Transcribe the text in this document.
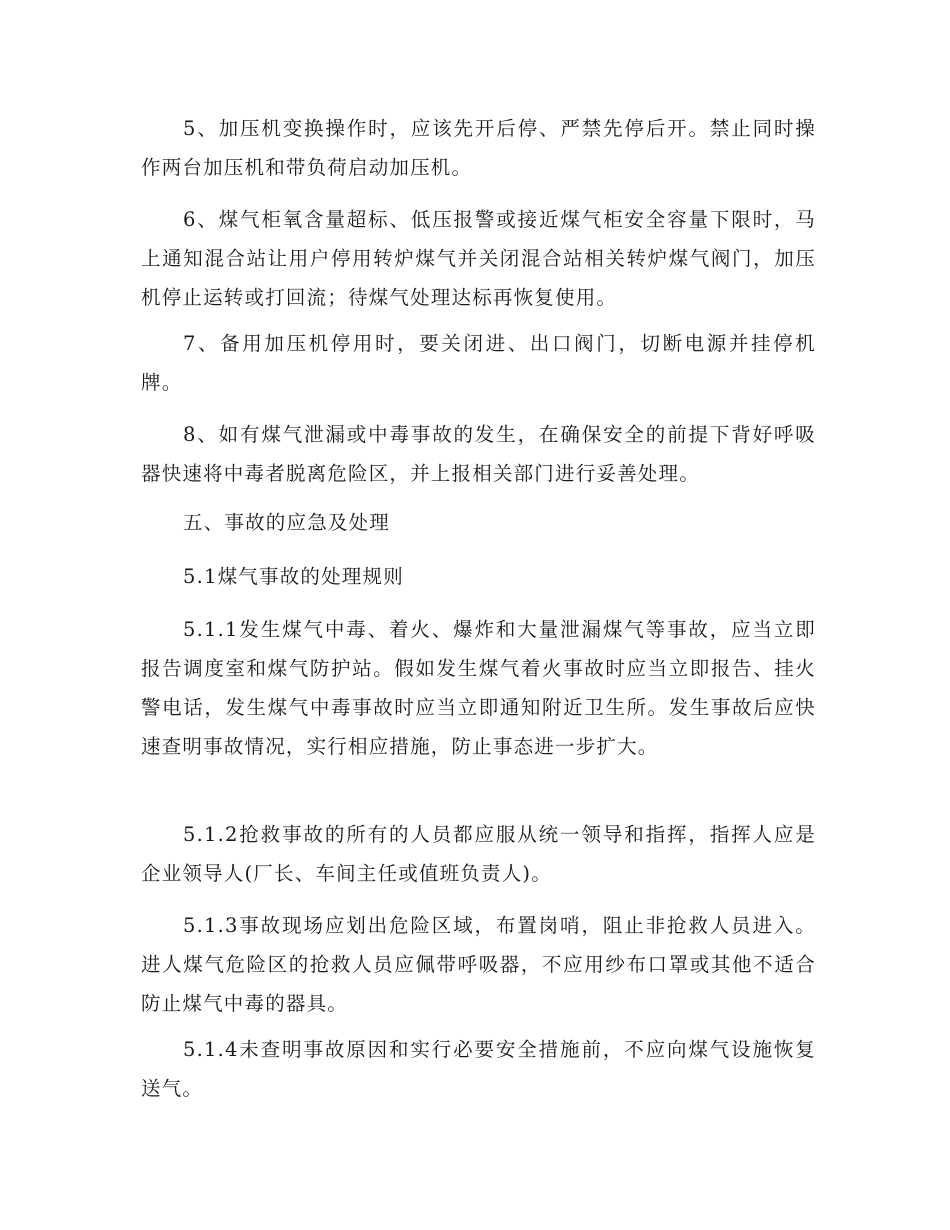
5、加压机变换操作时，应该先开后停、严禁先停后开。禁止同时操作两台加压机和带负荷启动加压机。

6、煤气柜氧含量超标、低压报警或接近煤气柜安全容量下限时，马上通知混合站让用户停用转炉煤气并关闭混合站相关转炉煤气阀门，加压机停止运转或打回流；待煤气处理达标再恢复使用。

7、备用加压机停用时，要关闭进、出口阀门，切断电源并挂停机牌。

8、如有煤气泄漏或中毒事故的发生，在确保安全的前提下背好呼吸器快速将中毒者脱离危险区，并上报相关部门进行妥善处理。

五、事故的应急及处理

5.1煤气事故的处理规则

5.1.1发生煤气中毒、着火、爆炸和大量泄漏煤气等事故，应当立即报告调度室和煤气防护站。假如发生煤气着火事故时应当立即报告、挂火警电话，发生煤气中毒事故时应当立即通知附近卫生所。发生事故后应快速查明事故情况，实行相应措施，防止事态进一步扩大。

5.1.2抢救事故的所有的人员都应服从统一领导和指挥，指挥人应是企业领导人(厂长、车间主任或值班负责人)。

5.1.3事故现场应划出危险区域，布置岗哨，阻止非抢救人员进入。进人煤气危险区的抢救人员应佩带呼吸器，不应用纱布口罩或其他不适合防止煤气中毒的器具。

5.1.4未查明事故原因和实行必要安全措施前，不应向煤气设施恢复送气。
